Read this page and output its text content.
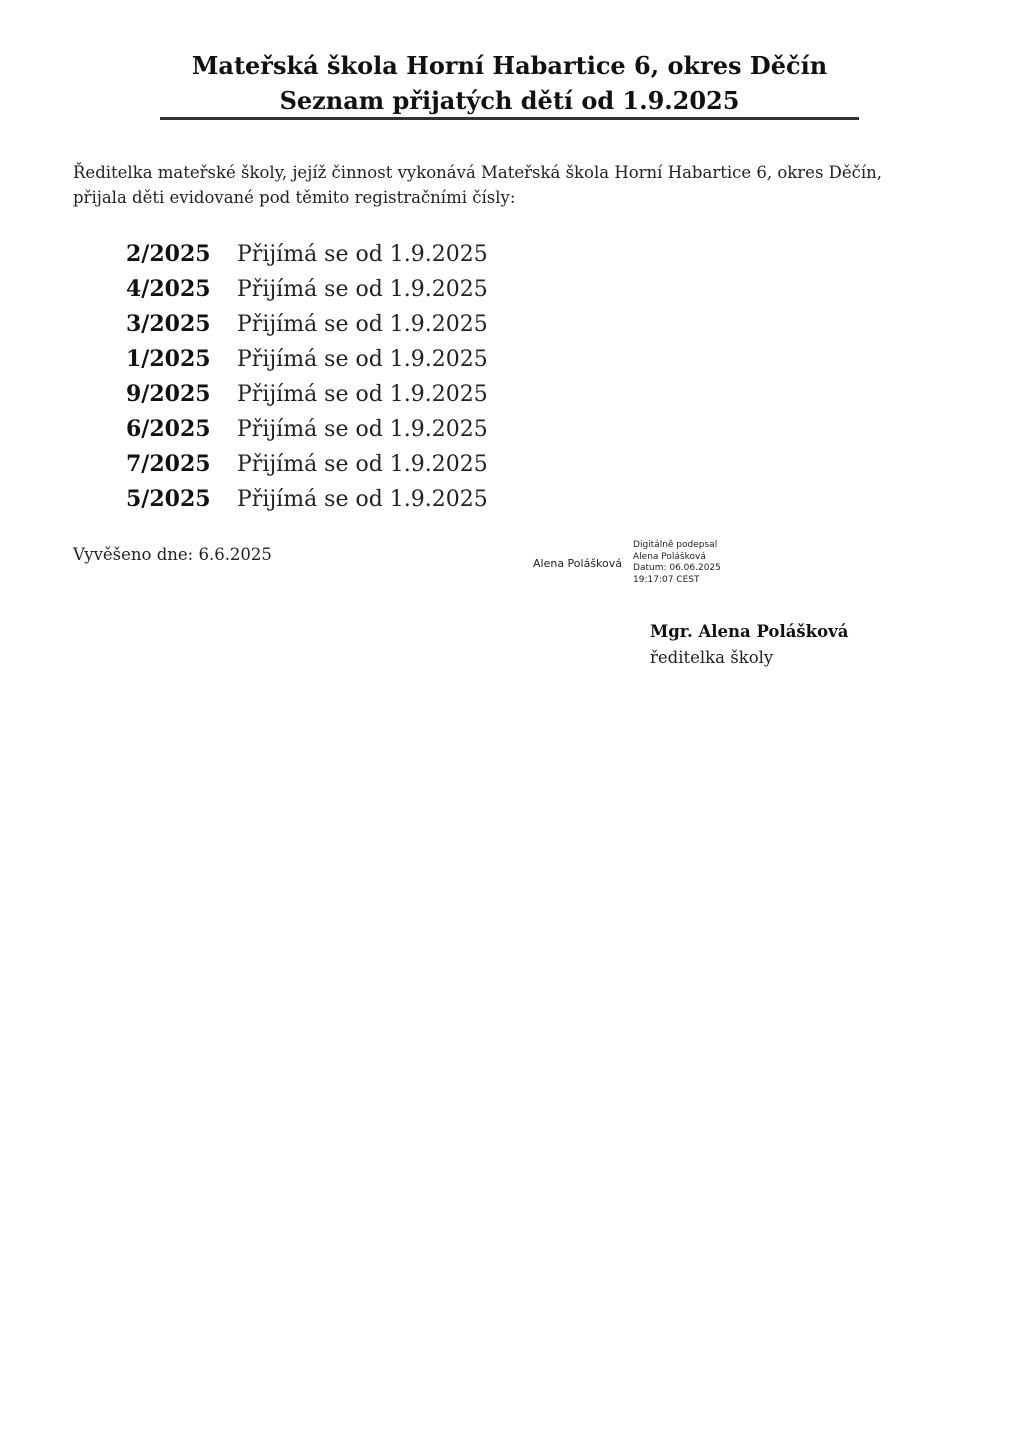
Mateřská škola Horní Habartice 6, okres Děčín
Seznam přijatých dětí od 1.9.2025
Ředitelka mateřské školy, jejíž činnost vykonává Mateřská škola Horní Habartice 6, okres Děčín,
přijala děti evidované pod těmito registračními čísly:
2/2025	Přijímá se od 1.9.2025
4/2025	Přijímá se od 1.9.2025
3/2025	Přijímá se od 1.9.2025
1/2025	Přijímá se od 1.9.2025
9/2025	Přijímá se od 1.9.2025
6/2025	Přijímá se od 1.9.2025
7/2025	Přijímá se od 1.9.2025
5/2025	Přijímá se od 1.9.2025
Vyvěšeno dne: 6.6.2025	Alena Polášková
Digitálně podepsal
Alena Polášková
Datum: 06.06.2025
19:17:07 CEST
Mgr. Alena Polášková
ředitelka školy
